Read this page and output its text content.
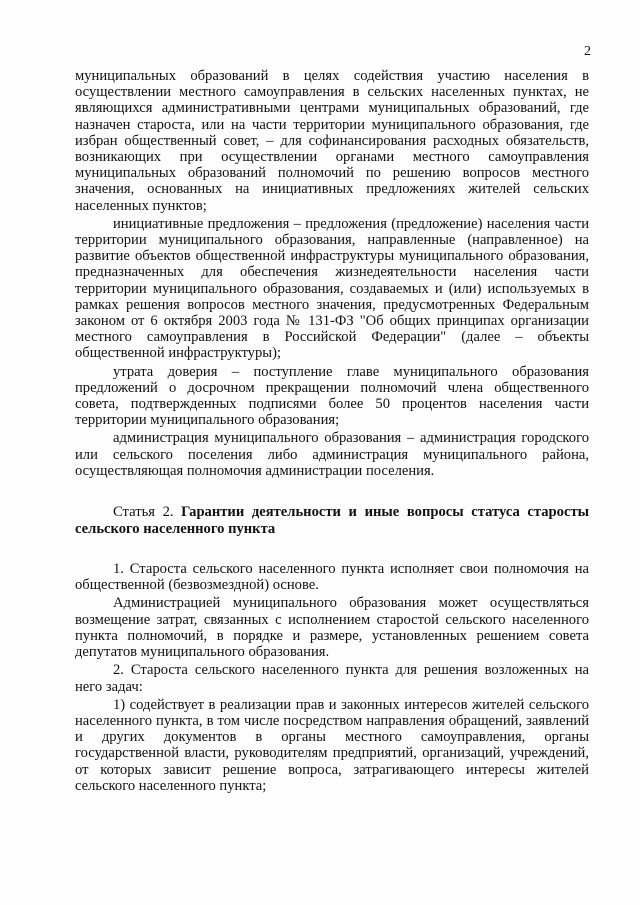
2

муниципальных образований в целях содействия участию населения в осуществлении местного самоуправления в сельских населенных пунктах, не являющихся административными центрами муниципальных образований, где назначен староста, или на части территории муниципального образования, где избран общественный совет, – для софинансирования расходных обязательств, возникающих при осуществлении органами местного самоуправления муниципальных образований полномочий по решению вопросов местного значения, основанных на инициативных предложениях жителей сельских населенных пунктов;

инициативные предложения – предложения (предложение) населения части территории муниципального образования, направленные (направленное) на развитие объектов общественной инфраструктуры муниципального образования, предназначенных для обеспечения жизнедеятельности населения части территории муниципального образования, создаваемых и (или) используемых в рамках решения вопросов местного значения, предусмотренных Федеральным законом от 6 октября 2003 года № 131-ФЗ "Об общих принципах организации местного самоуправления в Российской Федерации" (далее – объекты общественной инфраструктуры);

утрата доверия – поступление главе муниципального образования предложений о досрочном прекращении полномочий члена общественного совета, подтвержденных подписями более 50 процентов населения части территории муниципального образования;

администрация муниципального образования – администрация городского или сельского поселения либо администрация муниципального района, осуществляющая полномочия администрации поселения.

Статья 2. Гарантии деятельности и иные вопросы статуса старосты сельского населенного пункта

1. Староста сельского населенного пункта исполняет свои полномочия на общественной (безвозмездной) основе.

Администрацией муниципального образования может осуществляться возмещение затрат, связанных с исполнением старостой сельского населенного пункта полномочий, в порядке и размере, установленных решением совета депутатов муниципального образования.

2. Староста сельского населенного пункта для решения возложенных на него задач:

1) содействует в реализации прав и законных интересов жителей сельского населенного пункта, в том числе посредством направления обращений, заявлений и других документов в органы местного самоуправления, органы государственной власти, руководителям предприятий, организаций, учреждений, от которых зависит решение вопроса, затрагивающего интересы жителей сельского населенного пункта;
